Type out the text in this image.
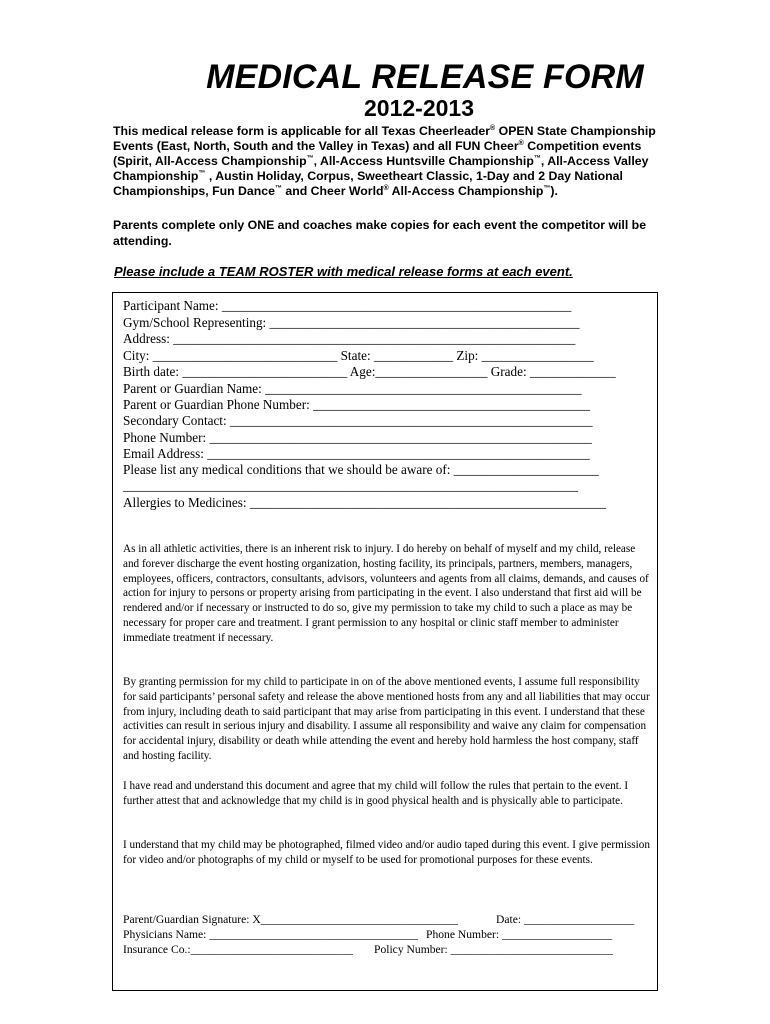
MEDICAL RELEASE FORM
2012-2013
This medical release form is applicable for all Texas Cheerleader® OPEN State Championship Events (East, North, South and the Valley in Texas) and all FUN Cheer® Competition events (Spirit, All-Access Championship™, All-Access Huntsville Championship™, All-Access Valley Championship™ , Austin Holiday, Corpus, Sweetheart Classic, 1-Day and 2 Day National Championships, Fun Dance™ and Cheer World® All-Access Championship™).
Parents complete only ONE and coaches make copies for each event the competitor will be attending.
Please include a TEAM ROSTER with medical release forms at each event.
Participant Name: _____________________________________________________
Gym/School Representing: _______________________________________________
Address: _____________________________________________________________
City: ____________________________ State: ____________ Zip: _________________
Birth date: _________________________ Age:_________________ Grade: _____________
Parent or Guardian Name: ________________________________________________
Parent or Guardian Phone Number: __________________________________________
Secondary Contact: _______________________________________________________
Phone Number: __________________________________________________________
Email Address: __________________________________________________________
Please list any medical conditions that we should be aware of: ______________________
_____________________________________________________________________
Allergies to Medicines: ______________________________________________________
As in all athletic activities, there is an inherent risk to injury. I do hereby on behalf of myself and my child, release and forever discharge the event hosting organization, hosting facility, its principals, partners, members, managers, employees, officers, contractors, consultants, advisors, volunteers and agents from all claims, demands, and causes of action for injury to persons or property arising from participating in the event. I also understand that first aid will be rendered and/or if necessary or instructed to do so, give my permission to take my child to such a place as may be necessary for proper care and treatment. I grant permission to any hospital or clinic staff member to administer immediate treatment if necessary.
By granting permission for my child to participate in on of the above mentioned events, I assume full responsibility for said participants’ personal safety and release the above mentioned hosts from any and all liabilities that may occur from injury, including death to said participant that may arise from participating in this event. I understand that these activities can result in serious injury and disability. I assume all responsibility and waive any claim for compensation for accidental injury, disability or death while attending the event and hereby hold harmless the host company, staff and hosting facility.
I have read and understand this document and agree that my child will follow the rules that pertain to the event. I further attest that and acknowledge that my child is in good physical health and is physically able to participate.
I understand that my child may be photographed, filmed video and/or audio taped during this event. I give permission for video and/or photographs of my child or myself to be used for promotional purposes for these events.
Parent/Guardian Signature: X__________________________________	Date: ___________________
Physicians Name: ____________________________________ Phone Number: ___________________
Insurance Co.:____________________________ Policy Number: ____________________________
